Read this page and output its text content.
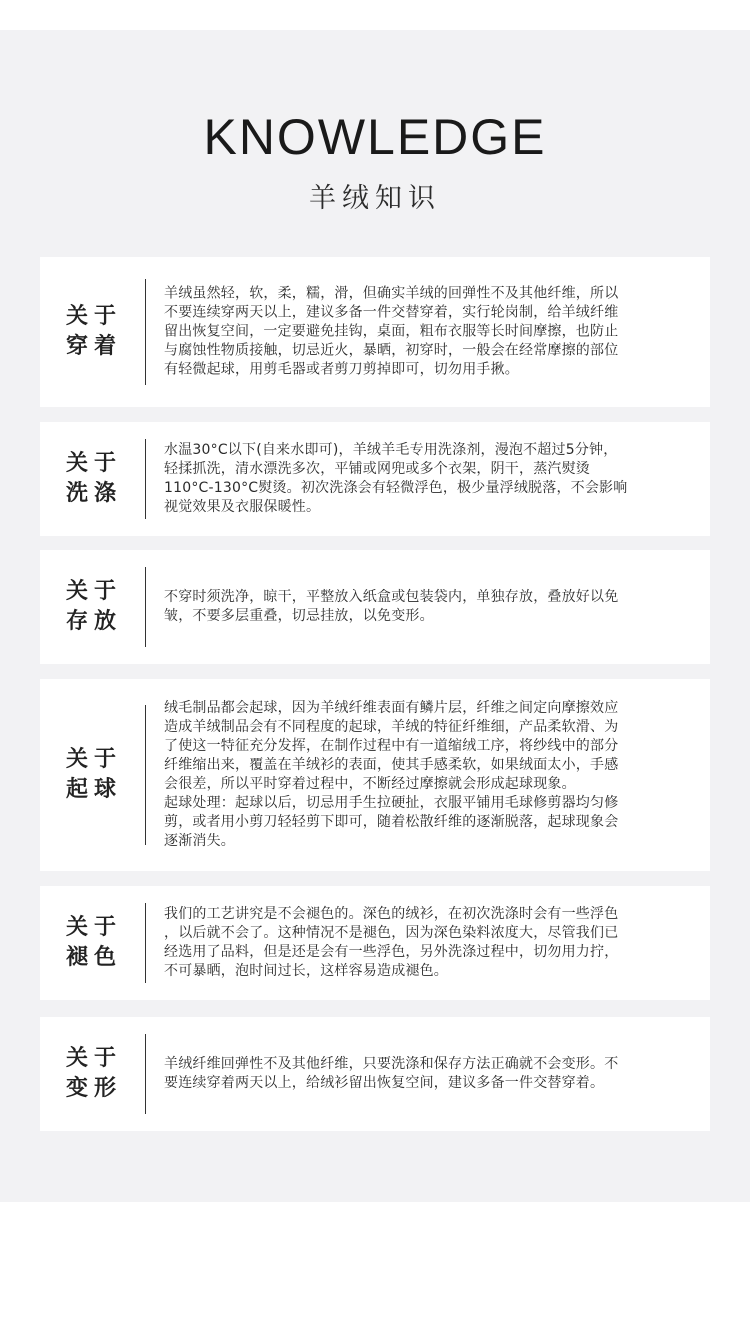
KNOWLEDGE
羊绒知识
关于
穿着
羊绒虽然轻，软，柔，糯，滑，但确实羊绒的回弹性不及其他纤维，所以
不要连续穿两天以上，建议多备一件交替穿着，实行轮岗制，给羊绒纤维
留出恢复空间，一定要避免挂钩，桌面，粗布衣服等长时间摩擦，也防止
与腐蚀性物质接触，切忌近火，暴晒，初穿时，一般会在经常摩擦的部位
有轻微起球，用剪毛器或者剪刀剪掉即可，切勿用手揪。
关于
洗涤
水温30°C以下(自来水即可)，羊绒羊毛专用洗涤剂，漫泡不超过5分钟，
轻揉抓洗，清水漂洗多次，平铺或网兜或多个衣架，阴干，蒸汽熨烫
110°C-130°C熨烫。初次洗涤会有轻微浮色，极少量浮绒脱落，不会影响
视觉效果及衣服保暖性。
关于
存放
不穿时须洗净，晾干，平整放入纸盒或包装袋内，单独存放，叠放好以免
皱，不要多层重叠，切忌挂放，以免变形。
关于
起球
绒毛制品都会起球，因为羊绒纤维表面有鳞片层，纤维之间定向摩擦效应
造成羊绒制品会有不同程度的起球，羊绒的特征纤维细，产品柔软滑、为
了使这一特征充分发挥，在制作过程中有一道缩绒工序，将纱线中的部分
纤维缩出来，覆盖在羊绒衫的表面，使其手感柔软，如果绒面太小，手感
会很差，所以平时穿着过程中，不断经过摩擦就会形成起球现象。
起球处理：起球以后，切忌用手生拉硬扯，衣服平铺用毛球修剪器均匀修
剪，或者用小剪刀轻轻剪下即可，随着松散纤维的逐渐脱落，起球现象会
逐渐消失。
关于
褪色
我们的工艺讲究是不会褪色的。深色的绒衫，在初次洗涤时会有一些浮色
，以后就不会了。这种情况不是褪色，因为深色染料浓度大，尽管我们已
经选用了品料，但是还是会有一些浮色，另外洗涤过程中，切勿用力拧，
不可暴晒，泡时间过长，这样容易造成褪色。
关于
变形
羊绒纤维回弹性不及其他纤维，只要洗涤和保存方法正确就不会变形。不
要连续穿着两天以上，给绒衫留出恢复空间，建议多备一件交替穿着。
